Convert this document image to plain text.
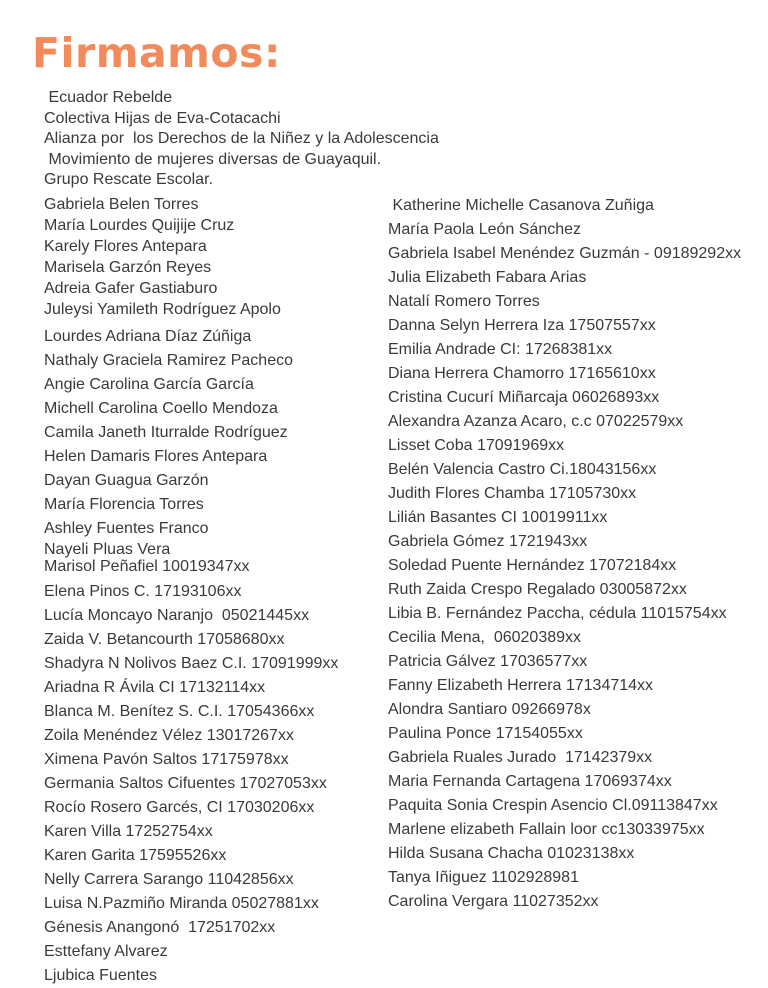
Firmamos:
Ecuador Rebelde
Colectiva Hijas de Eva-Cotacachi
Alianza por  los Derechos de la Niñez y la Adolescencia
Movimiento de mujeres diversas de Guayaquil.
Grupo Rescate Escolar.
Gabriela Belen Torres
María Lourdes Quijije Cruz
Karely Flores Antepara
Marisela Garzón Reyes
Adreia Gafer Gastiaburo
Juleysi Yamileth Rodríguez Apolo
Lourdes Adriana Díaz Zúñiga
Nathaly Graciela Ramirez Pacheco
Angie Carolina García García
Michell Carolina Coello Mendoza
Camila Janeth Iturralde Rodríguez
Helen Damaris Flores Antepara
Dayan Guagua Garzón
María Florencia Torres
Ashley Fuentes Franco
Nayeli Pluas Vera
Marisol Peñafiel 10019347xx
Elena Pinos C. 17193106xx
Lucía Moncayo Naranjo  05021445xx
Zaida V. Betancourth 17058680xx
Shadyra N Nolivos Baez C.I. 17091999xx
Ariadna R Ávila CI 17132114xx
Blanca M. Benítez S. C.I. 17054366xx
Zoila Menéndez Vélez 13017267xx
Ximena Pavón Saltos 17175978xx
Germania Saltos Cifuentes 17027053xx
Rocío Rosero Garcés, CI 17030206xx
Karen Villa 17252754xx
Karen Garita 17595526xx
Nelly Carrera Sarango 11042856xx
Luisa N.Pazmiño Miranda 05027881xx
Génesis Anangonó  17251702xx
Esttefany Alvarez
Ljubica Fuentes
Katherine Michelle Casanova Zuñiga
María Paola León Sánchez
Gabriela Isabel Menéndez Guzmán - 09189292xx
Julia Elizabeth Fabara Arias
Natalí Romero Torres
Danna Selyn Herrera Iza 17507557xx
Emilia Andrade CI: 17268381xx
Diana Herrera Chamorro 17165610xx
Cristina Cucurí Miñarcaja 06026893xx
Alexandra Azanza Acaro, c.c 07022579xx
Lisset Coba 17091969xx
Belén Valencia Castro Ci.18043156xx
Judith Flores Chamba 17105730xx
Lilián Basantes CI 10019911xx
Gabriela Gómez 1721943xx
Soledad Puente Hernández 17072184xx
Ruth Zaida Crespo Regalado 03005872xx
Libia B. Fernández Paccha, cédula 11015754xx
Cecilia Mena,  06020389xx
Patricia Gálvez 17036577xx
Fanny Elizabeth Herrera 17134714xx
Alondra Santiaro 09266978x
Paulina Ponce 17154055xx
Gabriela Ruales Jurado  17142379xx
Maria Fernanda Cartagena 17069374xx
Paquita Sonia Crespin Asencio Cl.09113847xx
Marlene elizabeth Fallain loor cc13033975xx
Hilda Susana Chacha 01023138xx
Tanya Iñiguez 1102928981
Carolina Vergara 11027352xx
